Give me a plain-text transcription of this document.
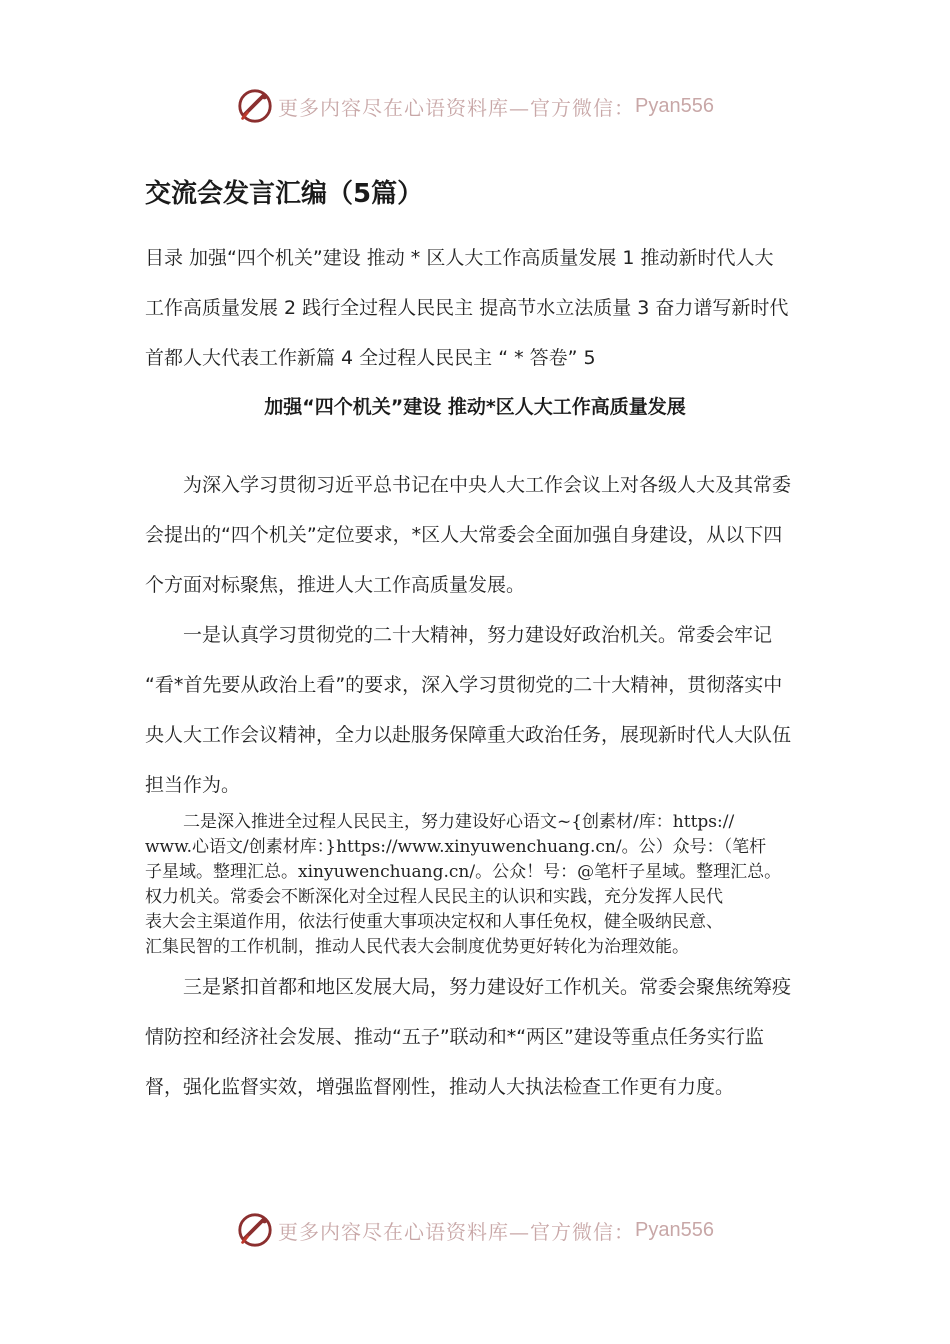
更多内容尽在心语资料库—官方微信： Pyan556
交流会发言汇编（5篇）
目录 加强“四个机关”建设 推动 * 区人大工作高质量发展 1 推动新时代人大
工作高质量发展 2 践行全过程人民民主 提高节水立法质量 3 奋力谱写新时代
首都人大代表工作新篇 4 全过程人民民主 “ * 答卷” 5
加强“四个机关”建设 推动*区人大工作高质量发展
为深入学习贯彻习近平总书记在中央人大工作会议上对各级人大及其常委
会提出的“四个机关”定位要求，*区人大常委会全面加强自身建设，从以下四
个方面对标聚焦，推进人大工作高质量发展。
一是认真学习贯彻党的二十大精神，努力建设好政治机关。常委会牢记
“看*首先要从政治上看”的要求，深入学习贯彻党的二十大精神，贯彻落实中
央人大工作会议精神，全力以赴服务保障重大政治任务，展现新时代人大队伍
担当作为。
二是深入推进全过程人民民主，努力建设好心语文~{创素材/库：https://
www.心语文/创素材库：}https://www.xinyuwenchuang.cn/。公）众号：（笔杆
子星域。整理汇总。xinyuwenchuang.cn/。公众！号：@笔杆子星域。整理汇总。
权力机关。常委会不断深化对全过程人民民主的认识和实践，充分发挥人民代
表大会主渠道作用，依法行使重大事项决定权和人事任免权，健全吸纳民意、
汇集民智的工作机制，推动人民代表大会制度优势更好转化为治理效能。
三是紧扣首都和地区发展大局，努力建设好工作机关。常委会聚焦统筹疫
情防控和经济社会发展、推动“五子”联动和*“两区”建设等重点任务实行监
督，强化监督实效，增强监督刚性，推动人大执法检查工作更有力度。
更多内容尽在心语资料库—官方微信： Pyan556
